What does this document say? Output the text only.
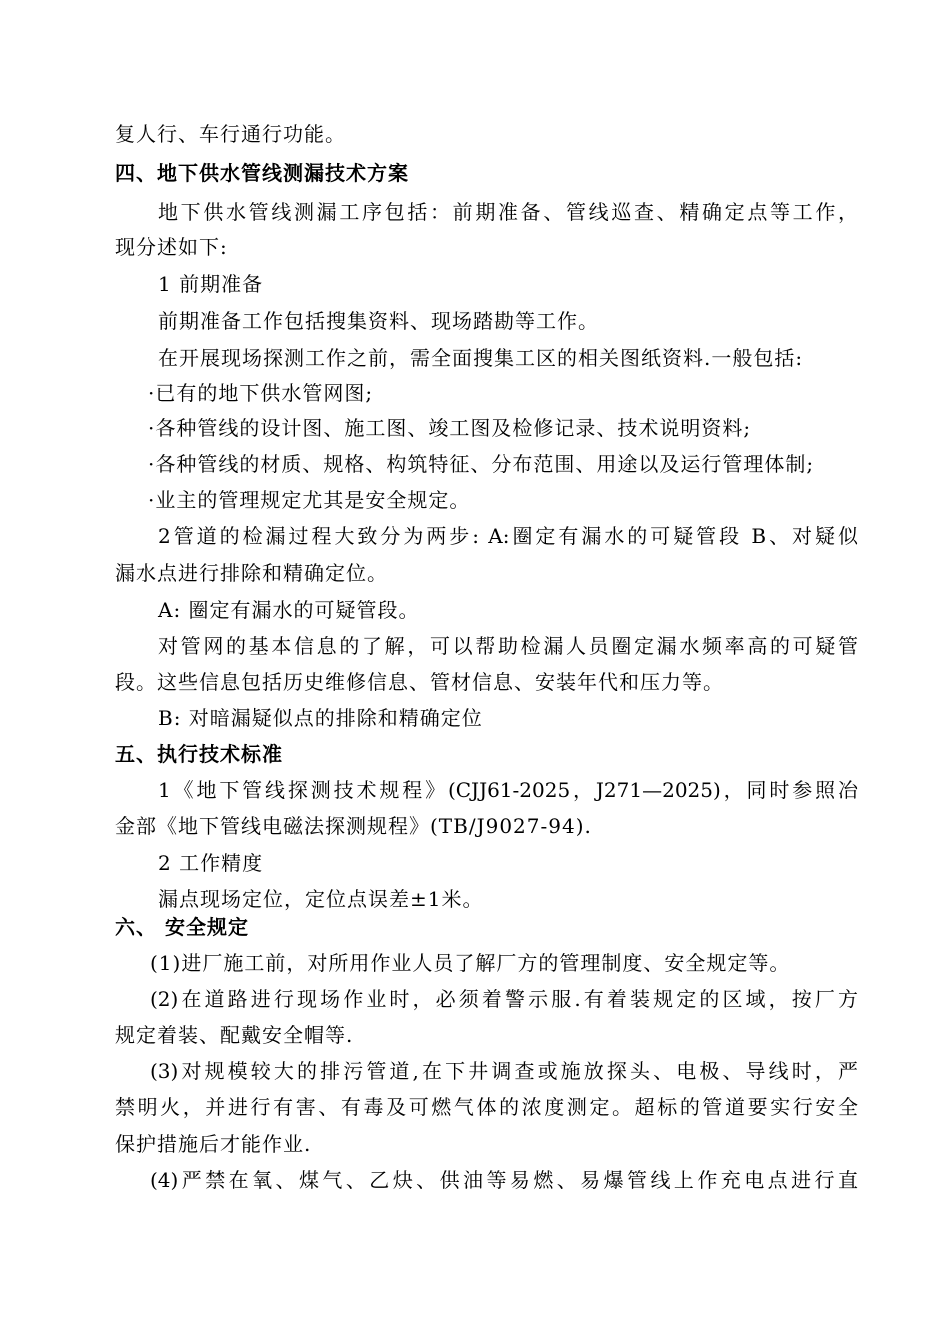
复人行、车行通行功能。
四、地下供水管线测漏技术方案
地下供水管线测漏工序包括：前期准备、管线巡查、精确定点等工作，
现分述如下:
1 前期准备
前期准备工作包括搜集资料、现场踏勘等工作。
在开展现场探测工作之前，需全面搜集工区的相关图纸资料.一般包括:
·已有的地下供水管网图;
·各种管线的设计图、施工图、竣工图及检修记录、技术说明资料;
·各种管线的材质、规格、构筑特征、分布范围、用途以及运行管理体制;
·业主的管理规定尤其是安全规定。
2管道的检漏过程大致分为两步: A:圈定有漏水的可疑管段 B、对疑似
漏水点进行排除和精确定位。
A: 圈定有漏水的可疑管段。
对管网的基本信息的了解，可以帮助检漏人员圈定漏水频率高的可疑管
段。这些信息包括历史维修信息、管材信息、安装年代和压力等。
B: 对暗漏疑似点的排除和精确定位
五、执行技术标准
1《地下管线探测技术规程》(CJJ61-2025，J271—2025)，同时参照冶
金部《地下管线电磁法探测规程》(TB/J9027-94).
2 工作精度
漏点现场定位，定位点误差±1米。
六、 安全规定
(1)进厂施工前，对所用作业人员了解厂方的管理制度、安全规定等。
(2)在道路进行现场作业时，必须着警示服.有着装规定的区域，按厂方
规定着装、配戴安全帽等.
(3)对规模较大的排污管道,在下井调查或施放探头、电极、导线时，严
禁明火，并进行有害、有毒及可燃气体的浓度测定。超标的管道要实行安全
保护措施后才能作业.
(4)严禁在氧、煤气、乙炔、供油等易燃、易爆管线上作充电点进行直
